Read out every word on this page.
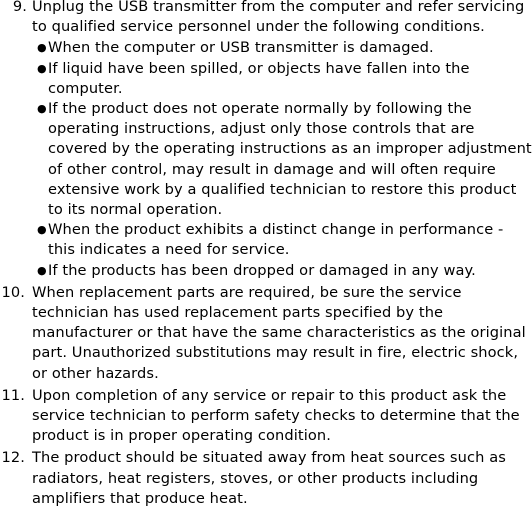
9. Unplug the USB transmitter from the computer and refer servicing to qualified service personnel under the following conditions.
● When the computer or USB transmitter is damaged.
● If liquid have been spilled, or objects have fallen into the computer.
● If the product does not operate normally by following the operating instructions, adjust only those controls that are covered by the operating instructions as an improper adjustment of other control, may result in damage and will often require extensive work by a qualified technician to restore this product to its normal operation.
● When the product exhibits a distinct change in performance - this indicates a need for service.
● If the products has been dropped or damaged in any way.
10. When replacement parts are required, be sure the service technician has used replacement parts specified by the manufacturer or that have the same characteristics as the original part. Unauthorized substitutions may result in fire, electric shock, or other hazards.
11. Upon completion of any service or repair to this product ask the service technician to perform safety checks to determine that the product is in proper operating condition.
12. The product should be situated away from heat sources such as radiators, heat registers, stoves, or other products including amplifiers that produce heat.
